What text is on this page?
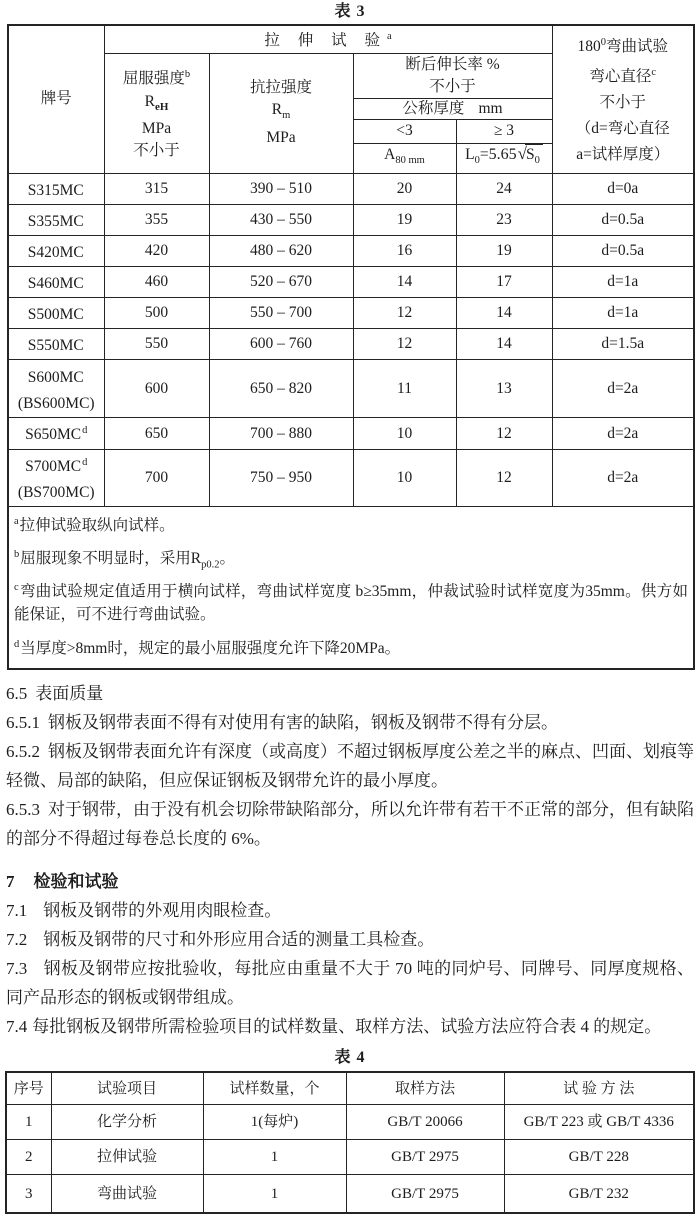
表 3
牌号	拉 伸 试 验$^a$				$180^0$弯曲试验
弯心直径$^c$
不小于
（d=弯心直径
a=试样厚度）

屈服强度$^b$
$R_{eH}$
MPa
不小于

抗拉强度
$R_m$
MPa

断后伸长率 %
不小于

			公称厚度 mm		
			<3	≥ 3	
			$A_{80 mm}$	$L_0=5.65√S_0$

S315MC	315	390 – 510	20	24	d=0a

S355MC	355	430 – 550	19	23	d=0.5a

S420MC	420	480 – 620	16	19	d=0.5a

S460MC	460	520 – 670	14	17	d=1a

S500MC	500	550 – 700	12	14	d=1a

S550MC	550	600 – 760	12	14	d=1.5a

S600MC
(BS600MC)	600	650 – 820	11	13	d=2a

$S650MC^d$	650	700 – 880	10	12	d=2a

$S700MC^d$
(BS700MC)	700	750 – 950	10	12	d=2a

$^a$拉伸试验取纵向试样。
$^b$屈服现象不明显时，采用$R_{p0.2}$。
$^c$弯曲试验规定值适用于横向试样，弯曲试样宽度 b≥35mm，仲裁试验时试样宽度为35mm。供方如能保证，可不进行弯曲试验。
$^d$当厚度>8mm时，规定的最小屈服强度允许下降20MPa。					

6.5 表面质量

6.5.1 钢板及钢带表面不得有对使用有害的缺陷，钢板及钢带不得有分层。

6.5.2 钢板及钢带表面允许有深度（或高度）不超过钢板厚度公差之半的麻点、凹面、划痕等轻微、局部的缺陷，但应保证钢板及钢带允许的最小厚度。

6.5.3 对于钢带，由于没有机会切除带缺陷部分，所以允许带有若干不正常的部分，但有缺陷的部分不得超过每卷总长度的 6%。

7 检验和试验

7.1 钢板及钢带的外观用肉眼检查。

7.2 钢板及钢带的尺寸和外形应用合适的测量工具检查。

7.3 钢板及钢带应按批验收，每批应由重量不大于 70 吨的同炉号、同牌号、同厚度规格、同产品形态的钢板或钢带组成。

7.4 每批钢板及钢带所需检验项目的试样数量、取样方法、试验方法应符合表 4 的规定。

表 4
序号	试验项目	试样数量，个	取样方法	试 验 方 法
1	化学分析	1(每炉)	GB/T 20066	GB/T 223 或 GB/T 4336
2	拉伸试验	1	GB/T 2975	GB/T 228
3	弯曲试验	1	GB/T 2975	GB/T 232
